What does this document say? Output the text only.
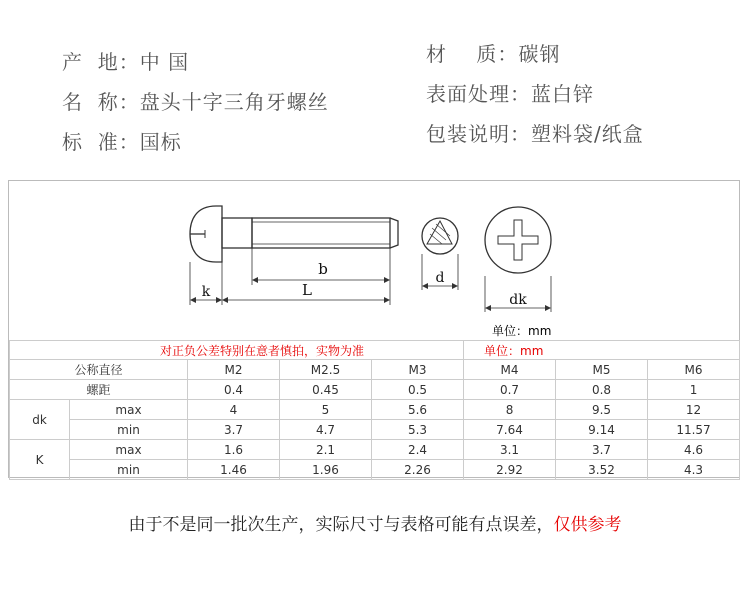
产  地：中 国
名  称：盘头十字三角牙螺丝
标  准：国标
材    质：碳钢
表面处理：蓝白锌
包装说明：塑料袋/纸盒
b
L
k
d
dk
单位：mm
对正负公差特别在意者慎拍，实物为准					单位：mm		
公称直径		M2	M2.5	M3	M4	M5	M6
螺距		0.4	0.45	0.5	0.7	0.8	1
dk	max	4	5	5.6	8	9.5	12
	min	3.7	4.7	5.3	7.64	9.14	11.57
K	max	1.6	2.1	2.4	3.1	3.7	4.6
	min	1.46	1.96	2.26	2.92	3.52	4.3
由于不是同一批次生产，实际尺寸与表格可能有点误差，仅供参考
